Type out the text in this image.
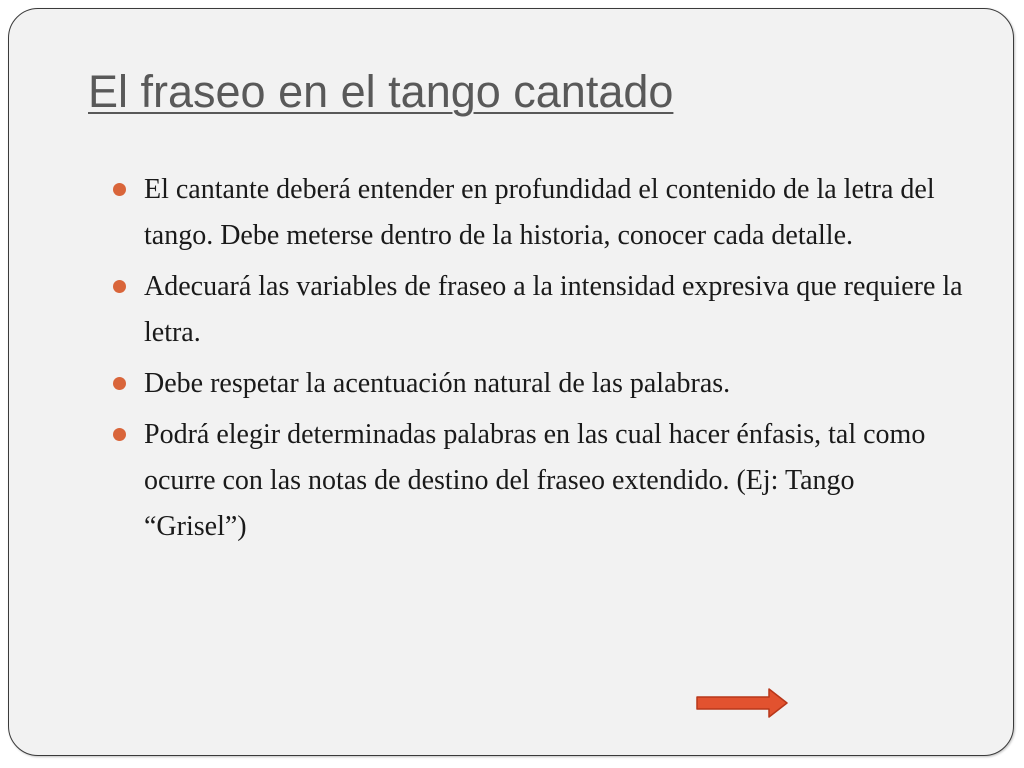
El fraseo en el tango cantado
El cantante deberá entender en profundidad el contenido de la letra del tango. Debe meterse dentro de la historia, conocer cada detalle.
Adecuará las variables de fraseo a la intensidad expresiva que requiere la letra.
Debe respetar la acentuación natural de las palabras.
Podrá elegir determinadas palabras en las cual hacer énfasis, tal como ocurre con las notas de destino del fraseo extendido. (Ej: Tango “Grisel”)
